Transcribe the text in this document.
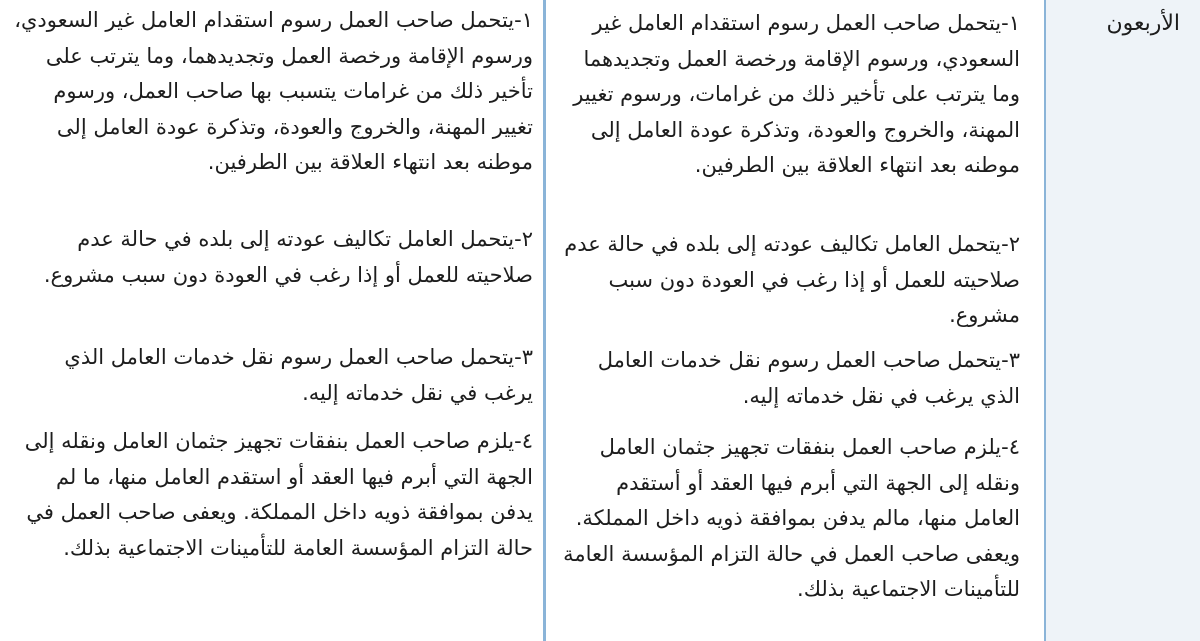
الأربعون

١-يتحمل صاحب العمل رسوم استقدام العامل غير السعودي، ورسوم الإقامة ورخصة العمل وتجديدهما وما يترتب على تأخير ذلك من غرامات، ورسوم تغيير المهنة، والخروج والعودة، وتذكرة عودة العامل إلى موطنه بعد انتهاء العلاقة بين الطرفين.

٢-يتحمل العامل تكاليف عودته إلى بلده في حالة عدم صلاحيته للعمل أو إذا رغب في العودة دون سبب مشروع.

٣-يتحمل صاحب العمل رسوم نقل خدمات العامل الذي يرغب في نقل خدماته إليه.

٤-يلزم صاحب العمل بنفقات تجهيز جثمان العامل ونقله إلى الجهة التي أبرم فيها العقد أو أستقدم العامل منها، مالم يدفن بموافقة ذويه داخل المملكة. ويعفى صاحب العمل في حالة التزام المؤسسة العامة للتأمينات الاجتماعية بذلك.

١-يتحمل صاحب العمل رسوم استقدام العامل غير السعودي، ورسوم الإقامة ورخصة العمل وتجديدهما، وما يترتب على تأخير ذلك من غرامات يتسبب بها صاحب العمل، ورسوم تغيير المهنة، والخروج والعودة، وتذكرة عودة العامل إلى موطنه بعد انتهاء العلاقة بين الطرفين.

٢-يتحمل العامل تكاليف عودته إلى بلده في حالة عدم صلاحيته للعمل أو إذا رغب في العودة دون سبب مشروع.

٣-يتحمل صاحب العمل رسوم نقل خدمات العامل الذي يرغب في نقل خدماته إليه.

٤-يلزم صاحب العمل بنفقات تجهيز جثمان العامل ونقله إلى الجهة التي أبرم فيها العقد أو استقدم العامل منها، ما لم يدفن بموافقة ذويه داخل المملكة. ويعفى صاحب العمل في حالة التزام المؤسسة العامة للتأمينات الاجتماعية بذلك.
